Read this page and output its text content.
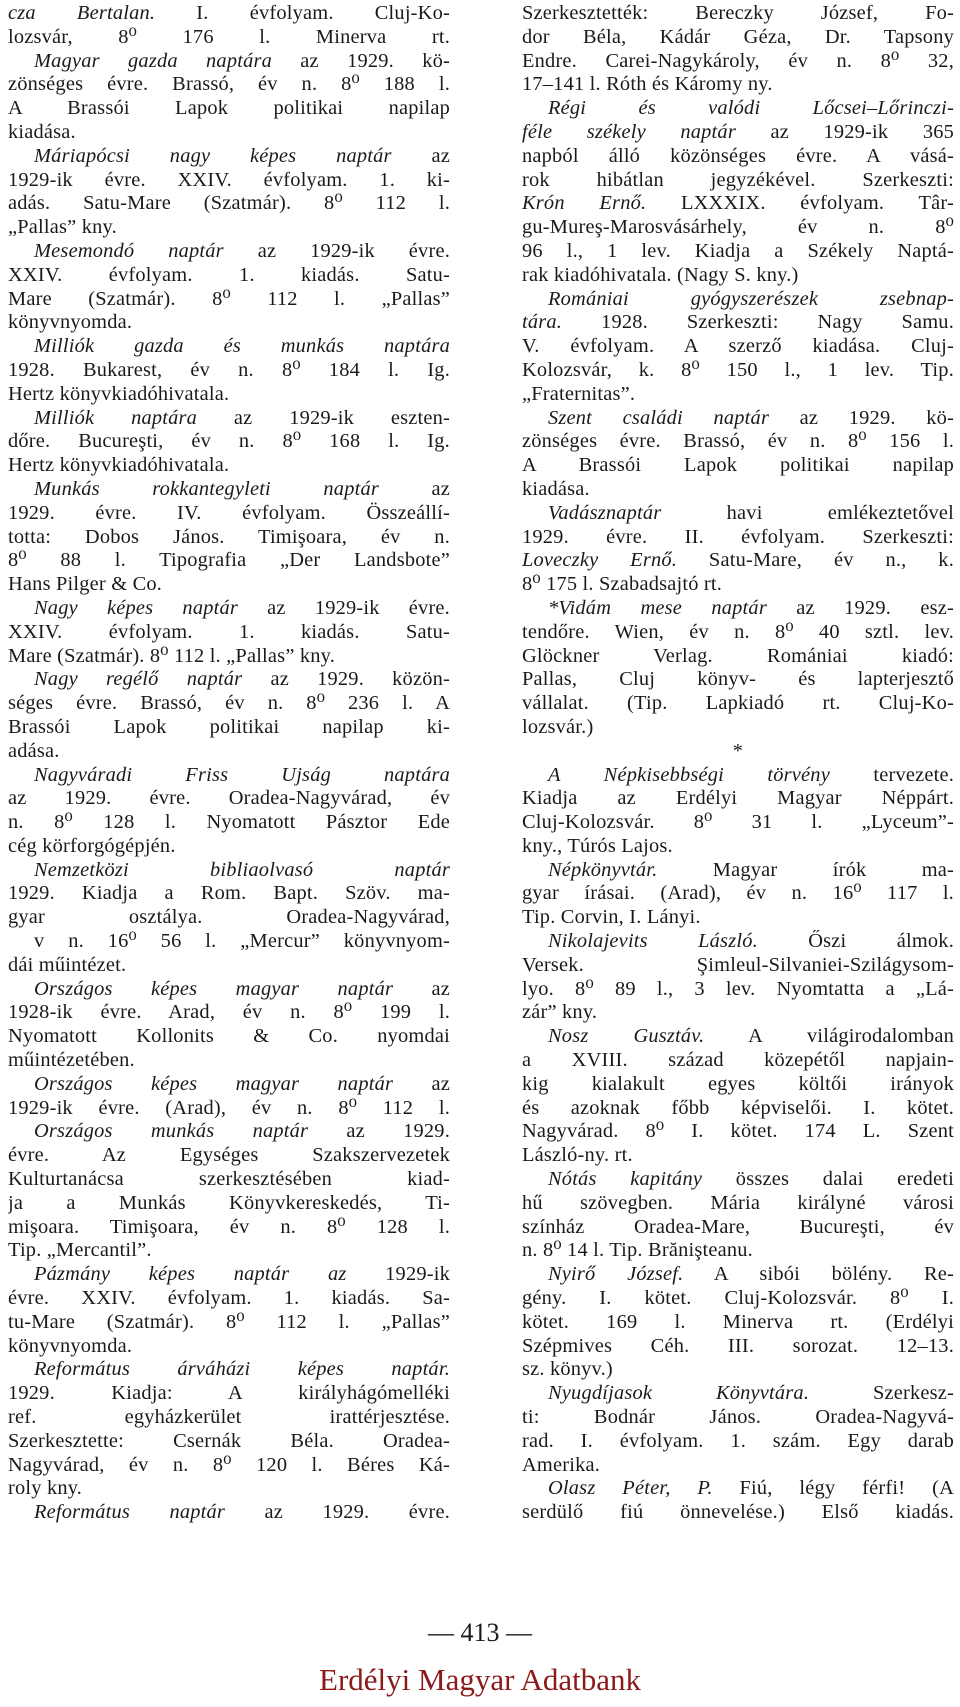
cza Bertalan. I. évfolyam. Cluj-Ko-
lozsvár, 8⁰ 176 l. Minerva rt.
Magyar gazda naptára az 1929. kö-
zönséges évre. Brassó, év n. 8⁰ 188 l.
A Brassói Lapok politikai napilap
kiadása.
Máriapócsi nagy képes naptár az
1929-ik évre. XXIV. évfolyam. 1. ki-
adás. Satu-Mare (Szatmár). 8⁰ 112 l.
„Pallas” kny.
Mesemondó naptár az 1929-ik évre.
XXIV. évfolyam. 1. kiadás. Satu-
Mare (Szatmár). 8⁰ 112 l. „Pallas”
könyvnyomda.
Milliók gazda és munkás naptára
1928. Bukarest, év n. 8⁰ 184 l. Ig.
Hertz könyvkiadóhivatala.
Milliók naptára az 1929-ik eszten-
dőre. Bucureşti, év n. 8⁰ 168 l. Ig.
Hertz könyvkiadóhivatala.
Munkás rokkantegyleti naptár az
1929. évre. IV. évfolyam. Összeállí-
totta: Dobos János. Timişoara, év n.
8⁰ 88 l. Tipografia „Der Landsbote”
Hans Pilger & Co.
Nagy képes naptár az 1929-ik évre.
XXIV. évfolyam. 1. kiadás. Satu-
Mare (Szatmár). 8⁰ 112 l. „Pallas” kny.
Nagy regélő naptár az 1929. közön-
séges évre. Brassó, év n. 8⁰ 236 l. A
Brassói Lapok politikai napilap ki-
adása.
Nagyváradi Friss Ujság naptára
az 1929. évre. Oradea-Nagyvárad, év
n. 8⁰ 128 l. Nyomatott Pásztor Ede
cég körforgógépjén.
Nemzetközi bibliaolvasó naptár
1929. Kiadja a Rom. Bapt. Szöv. ma-
gyar osztálya. Oradea-Nagyvárad,
v n. 16⁰ 56 l. „Mercur” könyvnyom-
dái műintézet.
Országos képes magyar naptár az
1928-ik évre. Arad, év n. 8⁰ 199 l.
Nyomatott Kollonits & Co. nyomdai
műintézetében.
Országos képes magyar naptár az
1929-ik évre. (Arad), év n. 8⁰ 112 l.
Országos munkás naptár az 1929.
évre. Az Egységes Szakszervezetek
Kulturtanácsa szerkesztésében kiad-
ja a Munkás Könyvkereskedés, Ti-
mişoara. Timişoara, év n. 8⁰ 128 l.
Tip. „Mercantil”.
Pázmány képes naptár az 1929-ik
évre. XXIV. évfolyam. 1. kiadás. Sa-
tu-Mare (Szatmár). 8⁰ 112 l. „Pallas”
könyvnyomda.
Református árváházi képes naptár.
1929. Kiadja: A királyhágómelléki
ref. egyházkerület irattérjesztése.
Szerkesztette: Csernák Béla. Oradea-
Nagyvárad, év n. 8⁰ 120 l. Béres Ká-
roly kny.
Református naptár az 1929. évre.
Szerkesztették: Bereczky József, Fo-
dor Béla, Kádár Géza, Dr. Tapsony
Endre. Carei-Nagykároly, év n. 8⁰ 32,
17–141 l. Róth és Káromy ny.
Régi és valódi Lőcsei–Lőrinczi-
féle székely naptár az 1929-ik 365
napból álló közönséges évre. A vásá-
rok hibátlan jegyzékével. Szerkeszti:
Krón Ernő. LXXXIX. évfolyam. Târ-
gu-Mureş-Marosvásárhely, év n. 8⁰
96 l., 1 lev. Kiadja a Székely Naptá-
rak kiadóhivatala. (Nagy S. kny.)
Romániai gyógyszerészek zsebnap-
tára. 1928. Szerkeszti: Nagy Samu.
V. évfolyam. A szerző kiadása. Cluj-
Kolozsvár, k. 8⁰ 150 l., 1 lev. Tip.
„Fraternitas”.
Szent családi naptár az 1929. kö-
zönséges évre. Brassó, év n. 8⁰ 156 l.
A Brassói Lapok politikai napilap
kiadása.
Vadásznaptár havi emlékeztetővel
1929. évre. II. évfolyam. Szerkeszti:
Loveczky Ernő. Satu-Mare, év n., k.
8⁰ 175 l. Szabadsajtó rt.
*Vidám mese naptár az 1929. esz-
tendőre. Wien, év n. 8⁰ 40 sztl. lev.
Glöckner Verlag. Romániai kiadó:
Pallas, Cluj könyv- és lapterjesztő
vállalat. (Tip. Lapkiadó rt. Cluj-Ko-
lozsvár.)
*
A Népkisebbségi törvény tervezete.
Kiadja az Erdélyi Magyar Néppárt.
Cluj-Kolozsvár. 8⁰ 31 l. „Lyceum”-
kny., Túrós Lajos.
Népkönyvtár. Magyar írók ma-
gyar írásai. (Arad), év n. 16⁰ 117 l.
Tip. Corvin, I. Lányi.
Nikolajevits László. Őszi álmok.
Versek. Şimleul-Silvaniei-Szilágysom-
lyo. 8⁰ 89 l., 3 lev. Nyomtatta a „Lá-
zár” kny.
Nosz Gusztáv. A világirodalomban
a XVIII. század közepétől napjain-
kig kialakult egyes költői irányok
és azoknak főbb képviselői. I. kötet.
Nagyvárad. 8⁰ I. kötet. 174 L. Szent
László-ny. rt.
Nótás kapitány összes dalai eredeti
hű szövegben. Mária királyné városi
színház Oradea-Mare, Bucureşti, év
n. 8⁰ 14 l. Tip. Brănişteanu.
Nyirő József. A sibói bölény. Re-
gény. I. kötet. Cluj-Kolozsvár. 8⁰ I.
kötet. 169 l. Minerva rt. (Erdélyi
Szépmives Céh. III. sorozat. 12–13.
sz. könyv.)
Nyugdíjasok Könyvtára. Szerkesz-
ti: Bodnár János. Oradea-Nagyvá-
rad. I. évfolyam. 1. szám. Egy darab
Amerika.
Olasz Péter, P. Fiú, légy férfi! (A
serdülő fiú önnevelése.) Első kiadás.
— 413 —
Erdélyi Magyar Adatbank
